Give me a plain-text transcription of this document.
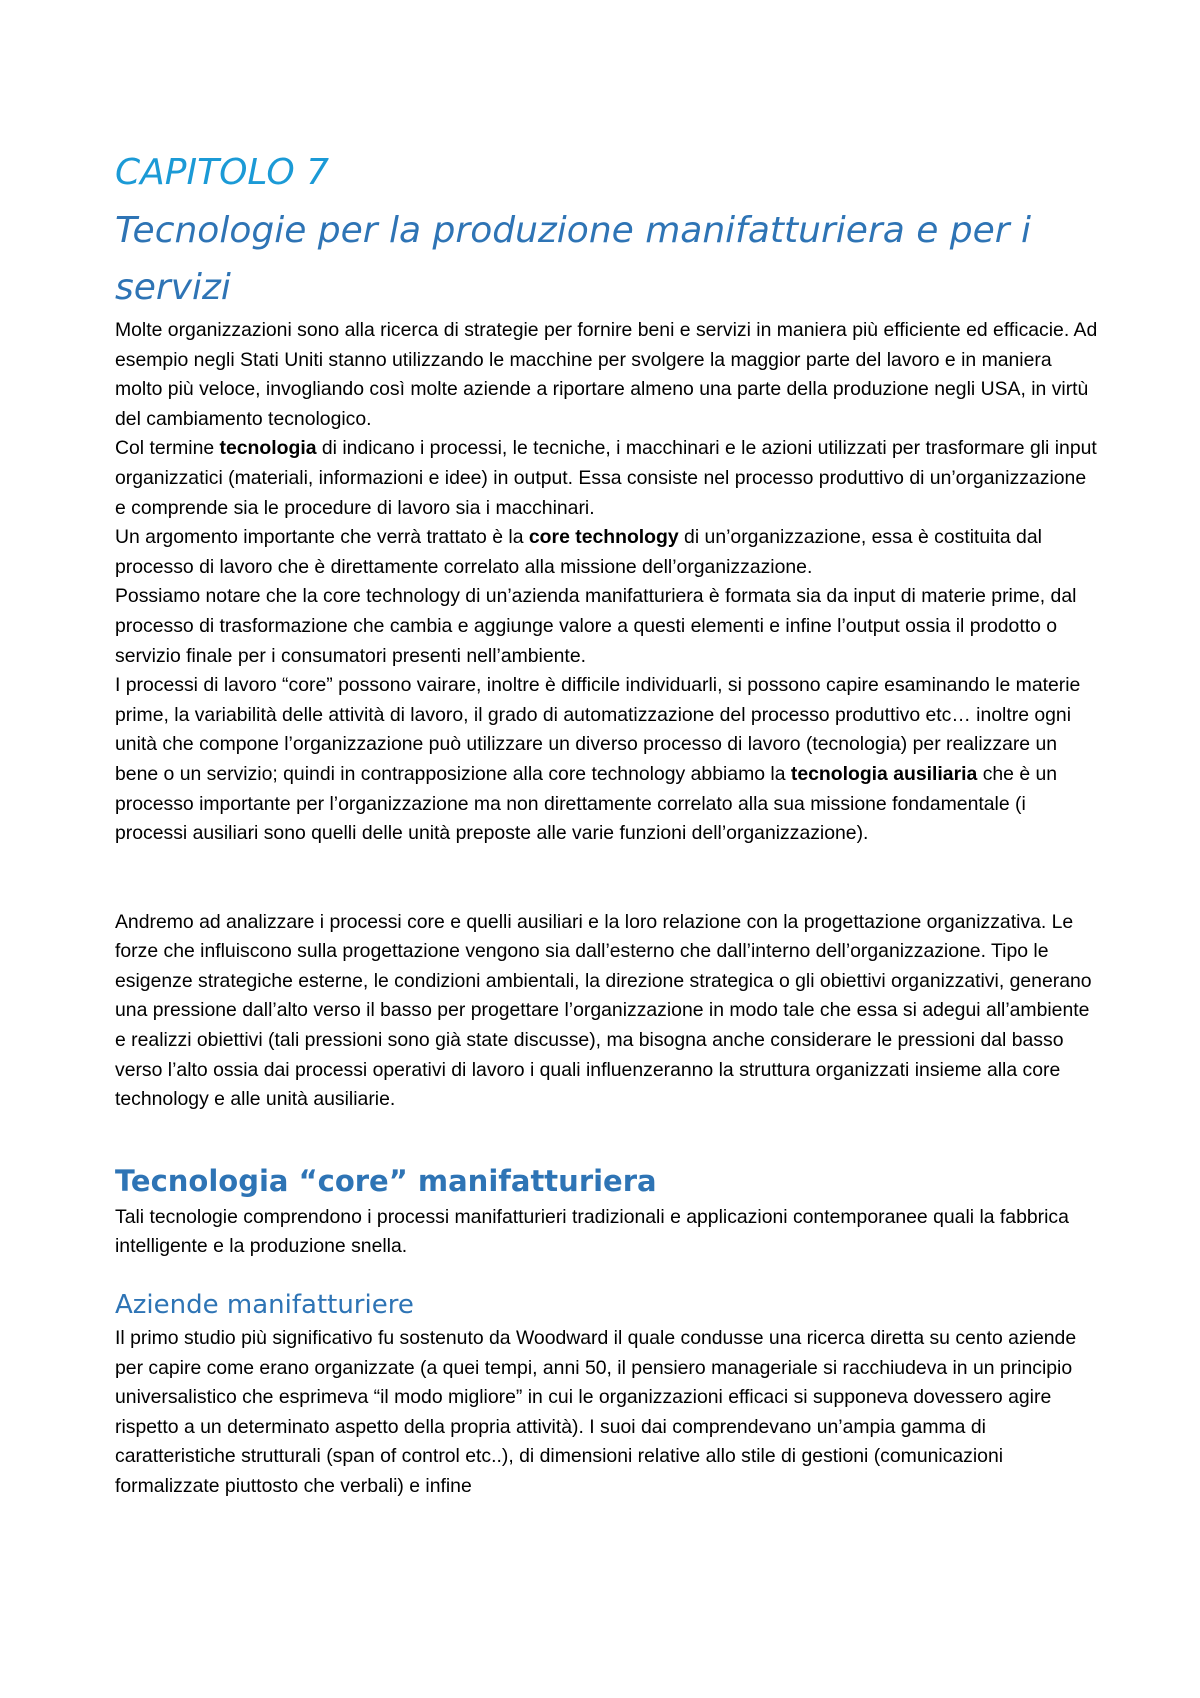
CAPITOLO 7
Tecnologie per la produzione manifatturiera e per i servizi

Molte organizzazioni sono alla ricerca di strategie per fornire beni e servizi in maniera più efficiente ed efficacie. Ad esempio negli Stati Uniti stanno utilizzando le macchine per svolgere la maggior parte del lavoro e in maniera molto più veloce, invogliando così molte aziende a riportare almeno una parte della produzione negli USA, in virtù del cambiamento tecnologico.

Col termine tecnologia di indicano i processi, le tecniche, i macchinari e le azioni utilizzati per trasformare gli input organizzatici (materiali, informazioni e idee) in output. Essa consiste nel processo produttivo di un’organizzazione e comprende sia le procedure di lavoro sia i macchinari.

Un argomento importante che verrà trattato è la core technology di un’organizzazione, essa è costituita dal processo di lavoro che è direttamente correlato alla missione dell’organizzazione.

Possiamo notare che la core technology di un’azienda manifatturiera è formata sia da input di materie prime, dal processo di trasformazione che cambia e aggiunge valore a questi elementi e infine l’output ossia il prodotto o servizio finale per i consumatori presenti nell’ambiente.

I processi di lavoro “core” possono vairare, inoltre è difficile individuarli, si possono capire esaminando le materie prime, la variabilità delle attività di lavoro, il grado di automatizzazione del processo produttivo etc… inoltre ogni unità che compone l’organizzazione può utilizzare un diverso processo di lavoro (tecnologia) per realizzare un bene o un servizio; quindi in contrapposizione alla core technology abbiamo la tecnologia ausiliaria che è un processo importante per l’organizzazione ma non direttamente correlato alla sua missione fondamentale (i processi ausiliari sono quelli delle unità preposte alle varie funzioni dell’organizzazione).

Andremo ad analizzare i processi core e quelli ausiliari e la loro relazione con la progettazione organizzativa. Le forze che influiscono sulla progettazione vengono sia dall’esterno che dall’interno dell’organizzazione. Tipo le esigenze strategiche esterne, le condizioni ambientali, la direzione strategica o gli obiettivi organizzativi, generano una pressione dall’alto verso il basso per progettare l’organizzazione in modo tale che essa si adegui all’ambiente e realizzi obiettivi (tali pressioni sono già state discusse), ma bisogna anche considerare le pressioni dal basso verso l’alto ossia dai processi operativi di lavoro i quali influenzeranno la struttura organizzati insieme alla core technology e alle unità ausiliarie.

Tecnologia “core” manifatturiera

Tali tecnologie comprendono i processi manifatturieri tradizionali e applicazioni contemporanee quali la fabbrica intelligente e la produzione snella.

Aziende manifatturiere

Il primo studio più significativo fu sostenuto da Woodward il quale condusse una ricerca diretta su cento aziende per capire come erano organizzate (a quei tempi, anni 50, il pensiero manageriale si racchiudeva in un principio universalistico che esprimeva “il modo migliore” in cui le organizzazioni efficaci si supponeva dovessero agire rispetto a un determinato aspetto della propria attività). I suoi dai comprendevano un’ampia gamma di caratteristiche strutturali (span of control etc..), di dimensioni relative allo stile di gestioni (comunicazioni formalizzate piuttosto che verbali) e infine
